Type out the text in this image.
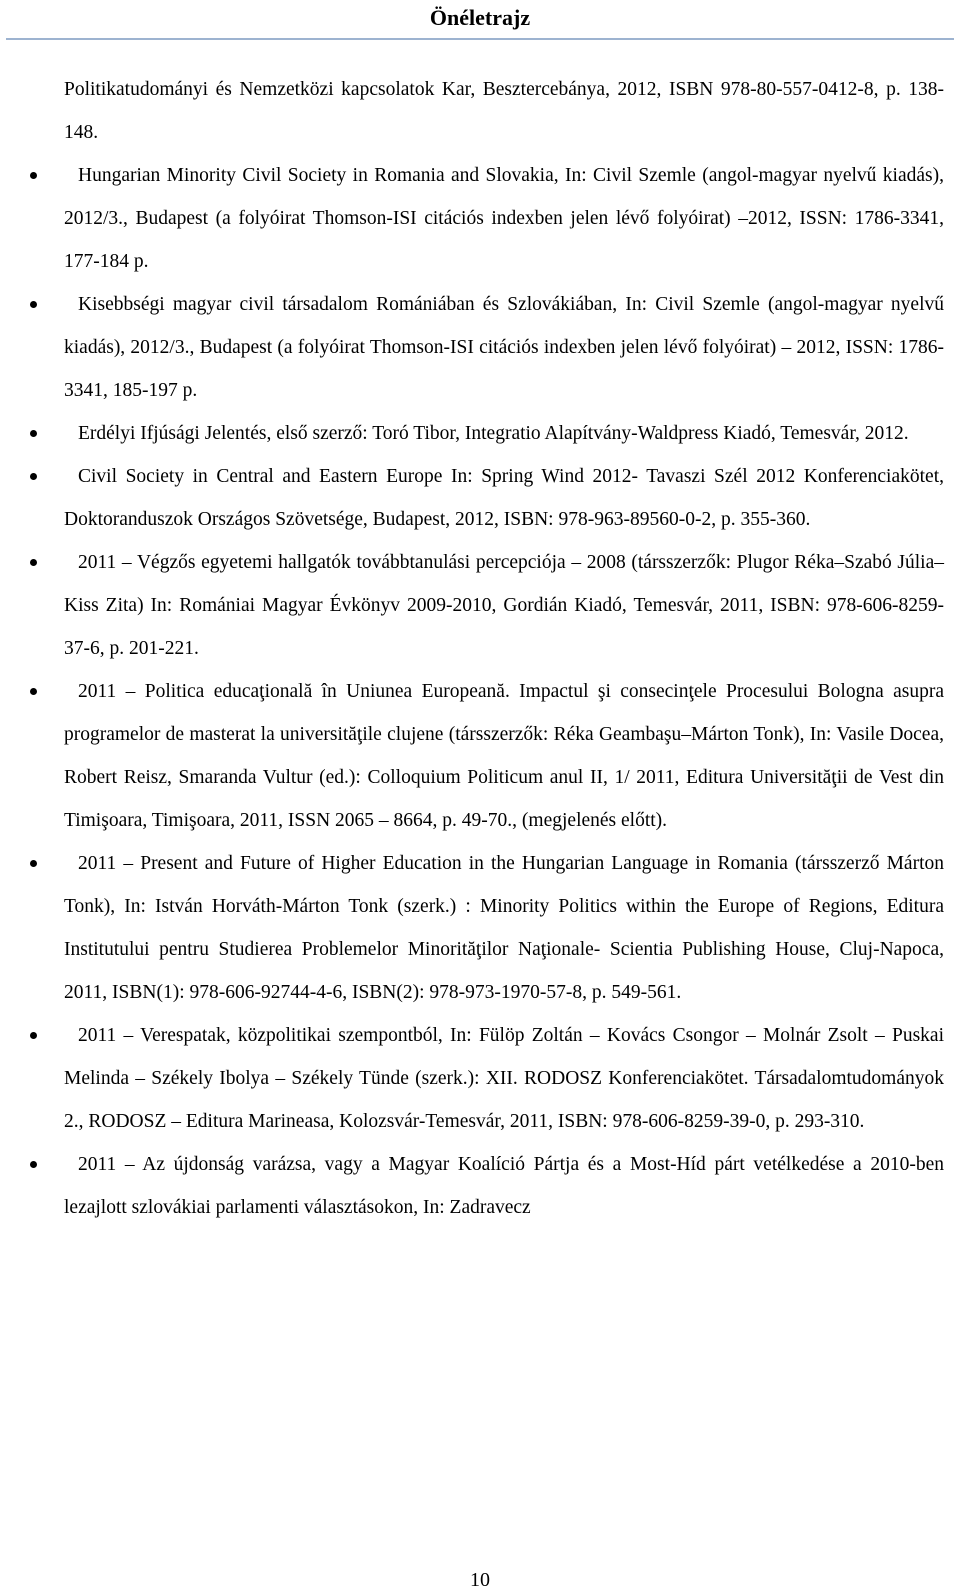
Önéletrajz

Politikatudományi és Nemzetközi kapcsolatok Kar, Besztercebánya, 2012, ISBN 978-80-557-0412-8, p. 138-148.

Hungarian Minority Civil Society in Romania and Slovakia, In: Civil Szemle (angol-magyar nyelvű kiadás), 2012/3., Budapest (a folyóirat Thomson-ISI citációs indexben jelen lévő folyóirat) –2012, ISSN: 1786-3341, 177-184 p.
Kisebbségi magyar civil társadalom Romániában és Szlovákiában, In: Civil Szemle (angol-magyar nyelvű kiadás), 2012/3., Budapest (a folyóirat Thomson-ISI citációs indexben jelen lévő folyóirat) – 2012, ISSN: 1786-3341, 185-197 p.
Erdélyi Ifjúsági Jelentés, első szerző: Toró Tibor, Integratio Alapítvány-Waldpress Kiadó, Temesvár, 2012.
Civil Society in Central and Eastern Europe In: Spring Wind 2012- Tavaszi Szél 2012 Konferenciakötet, Doktoranduszok Országos Szövetsége, Budapest, 2012, ISBN: 978-963-89560-0-2, p. 355-360.
2011 – Végzős egyetemi hallgatók továbbtanulási percepciója – 2008 (társszerzők: Plugor Réka–Szabó Júlia–Kiss Zita) In: Romániai Magyar Évkönyv 2009-2010, Gordián Kiadó, Temesvár, 2011, ISBN: 978-606-8259-37-6, p. 201-221.
2011 – Politica educaţională în Uniunea Europeană. Impactul şi consecinţele Procesului Bologna asupra programelor de masterat la universităţile clujene (társszerzők: Réka Geambaşu–Márton Tonk), In: Vasile Docea, Robert Reisz, Smaranda Vultur (ed.): Colloquium Politicum anul II, 1/ 2011, Editura Universităţii de Vest din Timişoara, Timişoara, 2011, ISSN 2065 – 8664, p. 49-70., (megjelenés előtt).
2011 – Present and Future of Higher Education in the Hungarian Language in Romania (társszerző Márton Tonk), In: István Horváth-Márton Tonk (szerk.) : Minority Politics within the Europe of Regions, Editura Institutului pentru Studierea Problemelor Minorităţilor Naţionale- Scientia Publishing House, Cluj-Napoca, 2011, ISBN(1): 978-606-92744-4-6, ISBN(2): 978-973-1970-57-8, p. 549-561.
2011 – Verespatak, közpolitikai szempontból, In: Fülöp Zoltán – Kovács Csongor – Molnár Zsolt – Puskai Melinda – Székely Ibolya – Székely Tünde (szerk.): XII. RODOSZ Konferenciakötet. Társadalomtudományok 2., RODOSZ – Editura Marineasa, Kolozsvár-Temesvár, 2011, ISBN: 978-606-8259-39-0, p. 293-310.
2011 – Az újdonság varázsa, vagy a Magyar Koalíció Pártja és a Most-Híd párt vetélkedése a 2010-ben lezajlott szlovákiai parlamenti választásokon, In: Zadravecz
10
